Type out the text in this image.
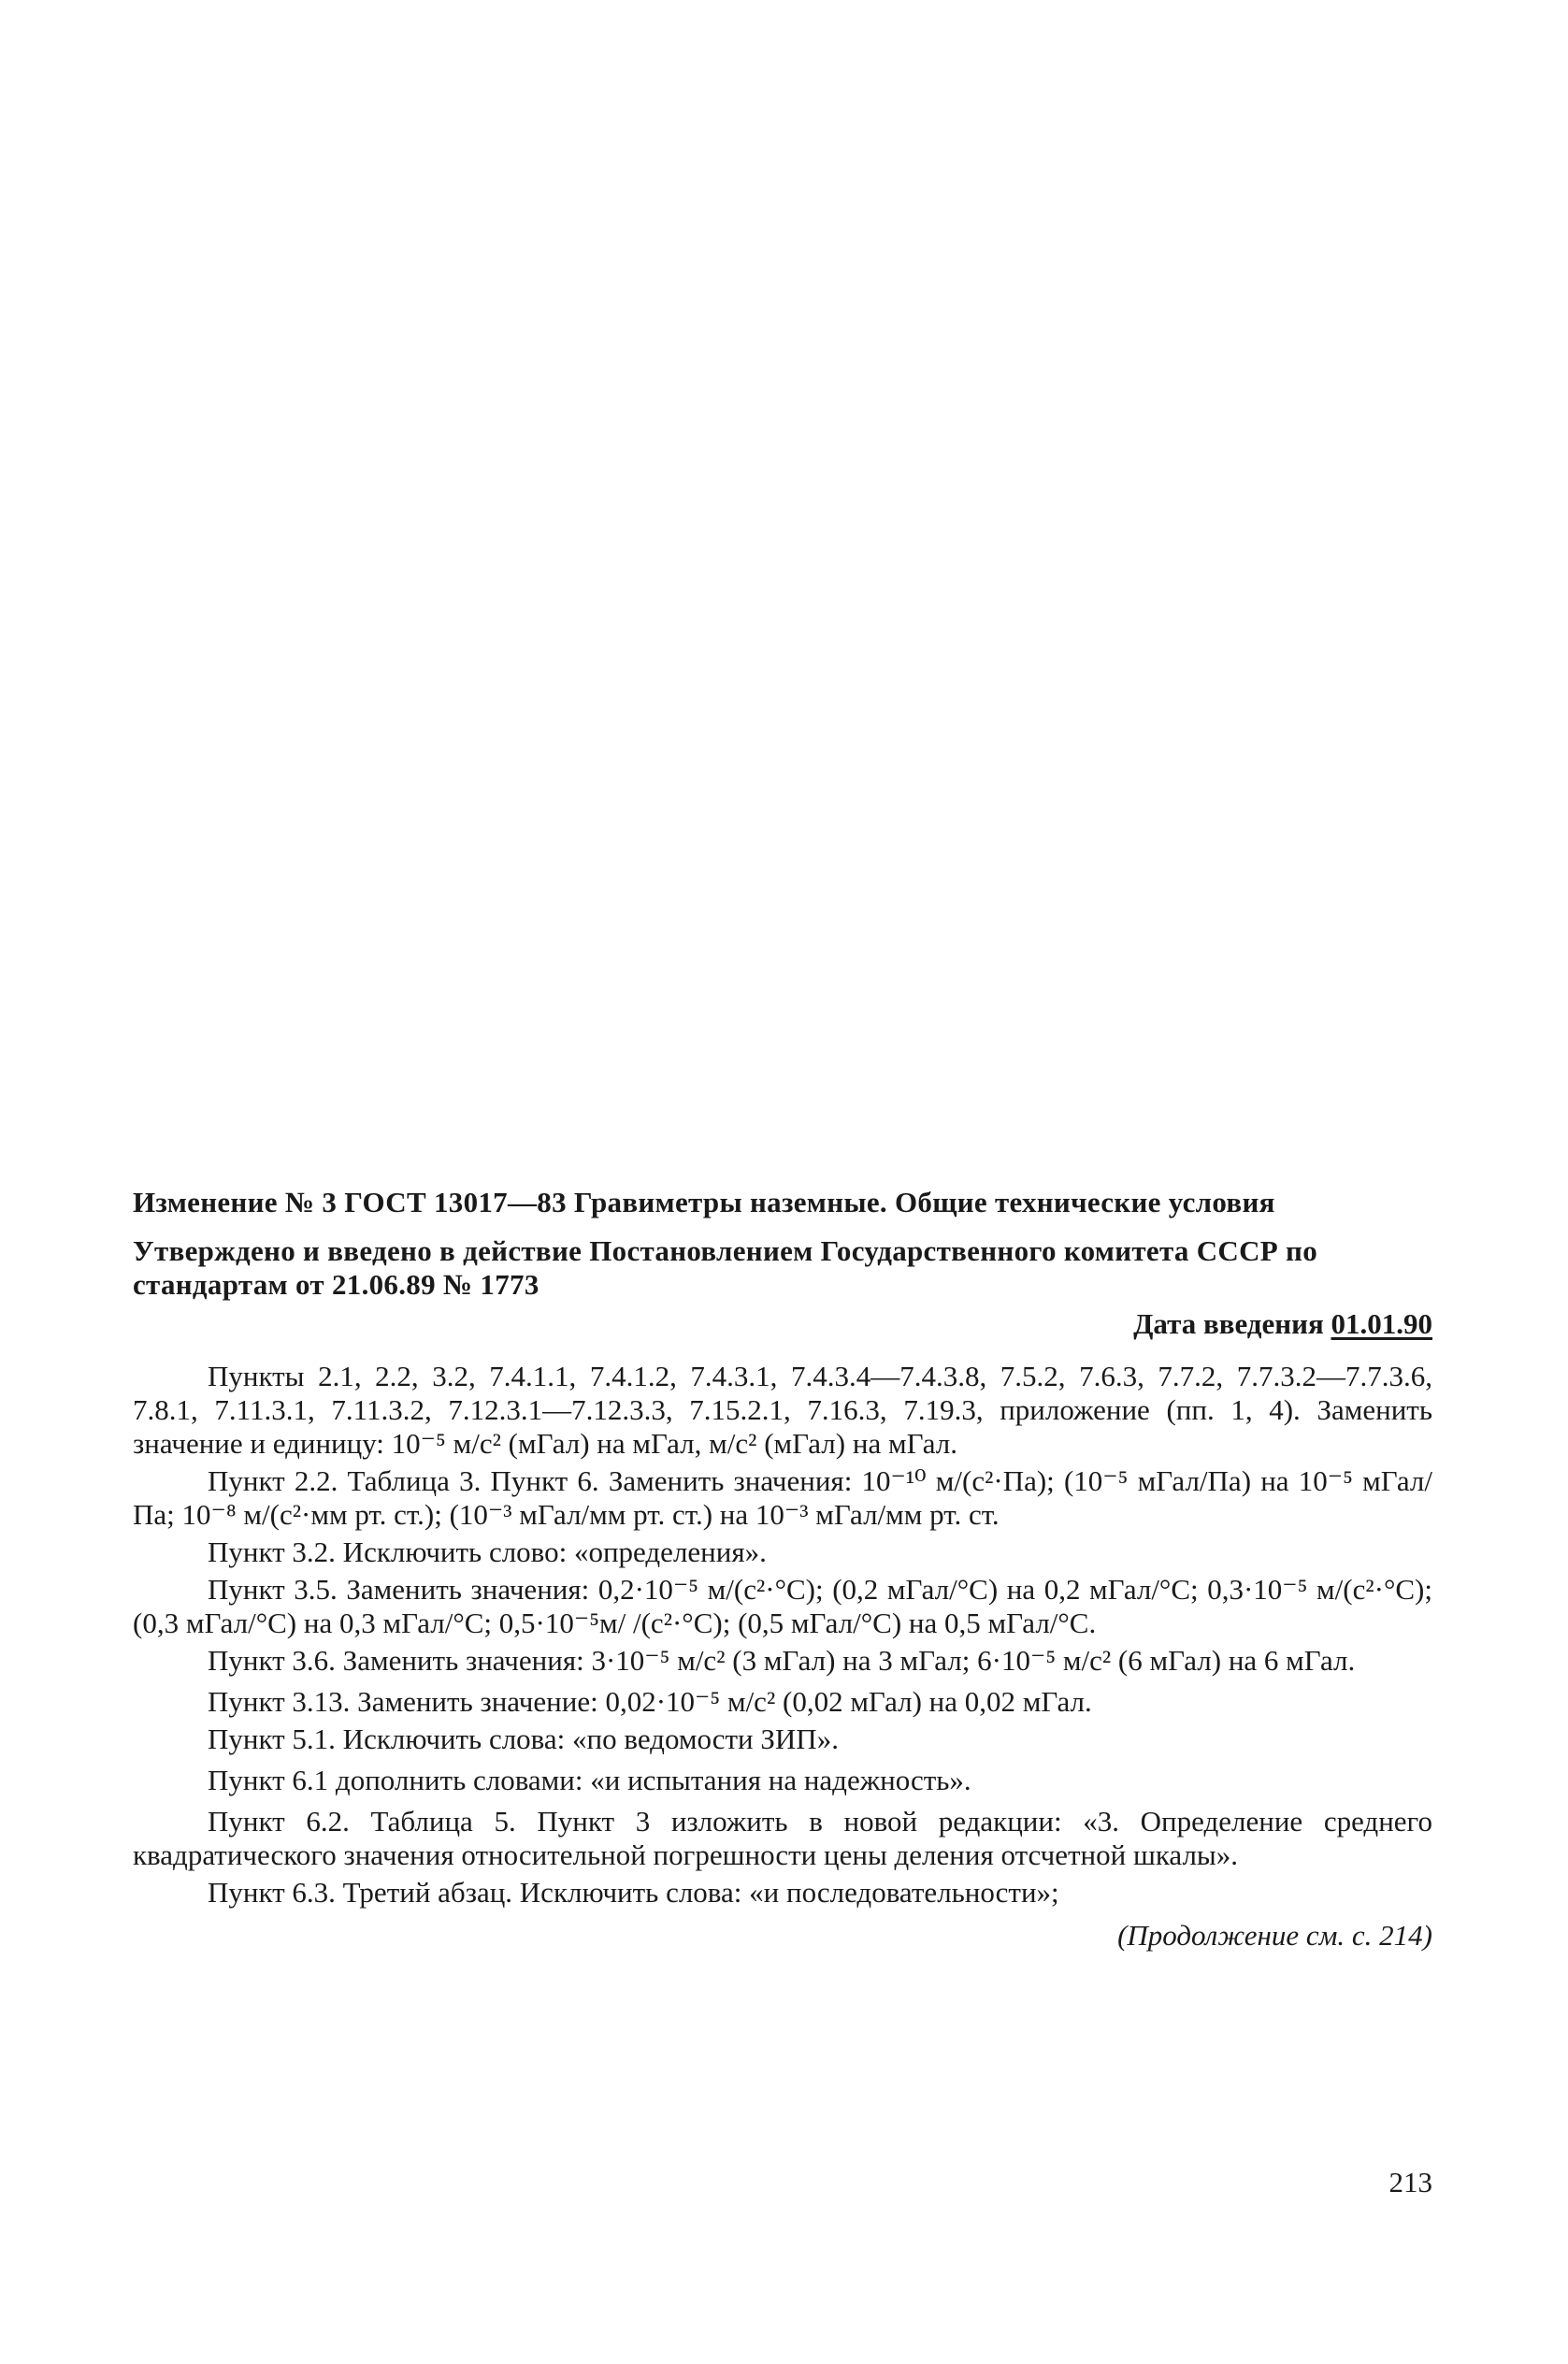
Изменение № 3 ГОСТ 13017—83 Гравиметры наземные. Общие технические условия

Утверждено и введено в действие Постановлением Государственного комитета СССР по стандартам от 21.06.89 № 1773

Дата введения 01.01.90

Пункты 2.1, 2.2, 3.2, 7.4.1.1, 7.4.1.2, 7.4.3.1, 7.4.3.4—7.4.3.8, 7.5.2, 7.6.3, 7.7.2, 7.7.3.2—7.7.3.6, 7.8.1, 7.11.3.1, 7.11.3.2, 7.12.3.1—7.12.3.3, 7.15.2.1, 7.16.3, 7.19.3, приложение (пп. 1, 4). Заменить значение и единицу: 10⁻⁵ м/с² (мГал) на мГал, м/с² (мГал) на мГал.

Пункт 2.2. Таблица 3. Пункт 6. Заменить значения: 10⁻¹⁰ м/(с²·Па); (10⁻⁵ мГал/Па) на 10⁻⁵ мГал/Па; 10⁻⁸ м/(с²·мм рт. ст.); (10⁻³ мГал/мм рт. ст.) на 10⁻³ мГал/мм рт. ст.

Пункт 3.2. Исключить слово: «определения».

Пункт 3.5. Заменить значения: 0,2·10⁻⁵ м/(с²·°С); (0,2 мГал/°С) на 0,2 мГал/°С; 0,3·10⁻⁵ м/(с²·°С); (0,3 мГал/°С) на 0,3 мГал/°С; 0,5·10⁻⁵м/ /(с²·°С); (0,5 мГал/°С) на 0,5 мГал/°С.

Пункт 3.6. Заменить значения: 3·10⁻⁵ м/с² (3 мГал) на 3 мГал; 6·10⁻⁵ м/с² (6 мГал) на 6 мГал.

Пункт 3.13. Заменить значение: 0,02·10⁻⁵ м/с² (0,02 мГал) на 0,02 мГал.

Пункт 5.1. Исключить слова: «по ведомости ЗИП».

Пункт 6.1 дополнить словами: «и испытания на надежность».

Пункт 6.2. Таблица 5. Пункт 3 изложить в новой редакции: «3. Определение среднего квадратического значения относительной погрешности цены деления отсчетной шкалы».

Пункт 6.3. Третий абзац. Исключить слова: «и последовательности»;

(Продолжение см. с. 214)
213
